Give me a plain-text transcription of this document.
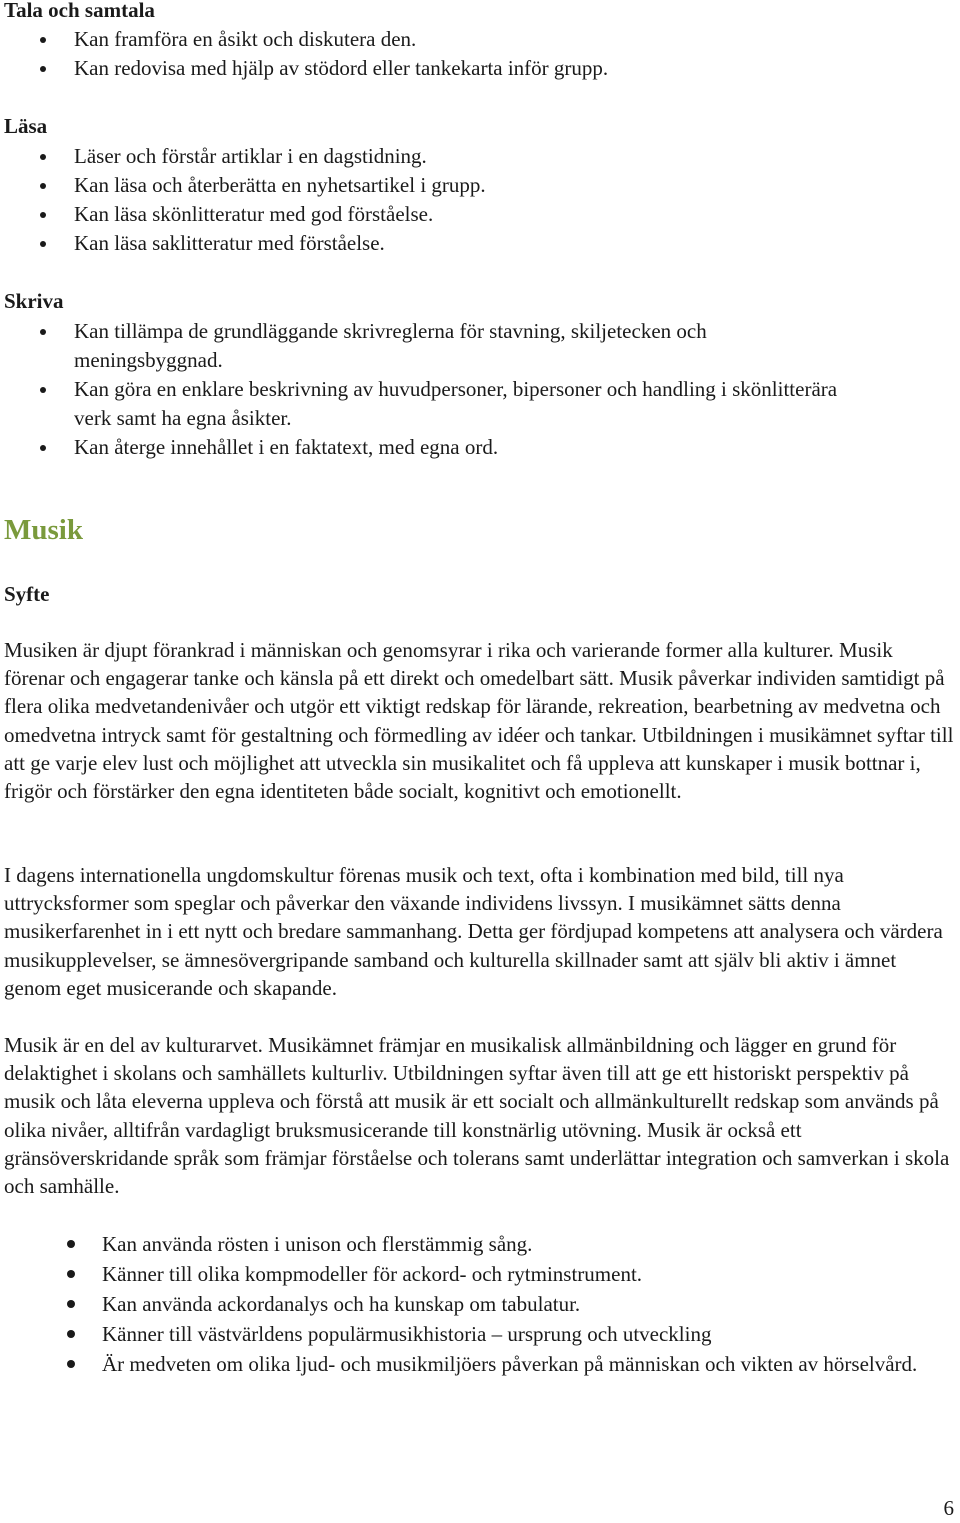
Tala och samtala
Kan framföra en åsikt och diskutera den.
Kan redovisa med hjälp av stödord eller tankekarta inför grupp.
Läsa
Läser och förstår artiklar i en dagstidning.
Kan läsa och återberätta en nyhetsartikel i grupp.
Kan läsa skönlitteratur med god förståelse.
Kan läsa saklitteratur med förståelse.
Skriva
Kan tillämpa de grundläggande skrivreglerna för stavning, skiljetecken och meningsbyggnad.
Kan göra en enklare beskrivning av huvudpersoner, bipersoner och handling i skönlitterära verk samt ha egna åsikter.
Kan återge innehållet i en faktatext, med egna ord.
Musik
Syfte

Musiken är djupt förankrad i människan och genomsyrar i rika och varierande former alla kulturer. Musik förenar och engagerar tanke och känsla på ett direkt och omedelbart sätt. Musik påverkar individen samtidigt på flera olika medvetandenivåer och utgör ett viktigt redskap för lärande, rekreation, bearbetning av medvetna och omedvetna intryck samt för gestaltning och förmedling av idéer och tankar. Utbildningen i musikämnet syftar till att ge varje elev lust och möjlighet att utveckla sin musikalitet och få uppleva att kunskaper i musik bottnar i, frigör och förstärker den egna identiteten både socialt, kognitivt och emotionellt.

I dagens internationella ungdomskultur förenas musik och text, ofta i kombination med bild, till nya uttrycksformer som speglar och påverkar den växande individens livssyn. I musikämnet sätts denna musikerfarenhet in i ett nytt och bredare sammanhang. Detta ger fördjupad kompetens att analysera och värdera musikupplevelser, se ämnesövergripande samband och kulturella skillnader samt att själv bli aktiv i ämnet genom eget musicerande och skapande.

Musik är en del av kulturarvet. Musikämnet främjar en musikalisk allmänbildning och lägger en grund för delaktighet i skolans och samhällets kulturliv. Utbildningen syftar även till att ge ett historiskt perspektiv på musik och låta eleverna uppleva och förstå att musik är ett socialt och allmänkulturellt redskap som används på olika nivåer, alltifrån vardagligt bruksmusicerande till konstnärlig utövning. Musik är också ett gränsöverskridande språk som främjar förståelse och tolerans samt underlättar integration och samverkan i skola och samhälle.

Kan använda rösten i unison och flerstämmig sång.
Känner till olika kompmodeller för ackord- och rytminstrument.
Kan använda ackordanalys och ha kunskap om tabulatur.
Känner till västvärldens populärmusikhistoria – ursprung och utveckling
Är medveten om olika ljud- och musikmiljöers påverkan på människan och vikten av hörselvård.
6
